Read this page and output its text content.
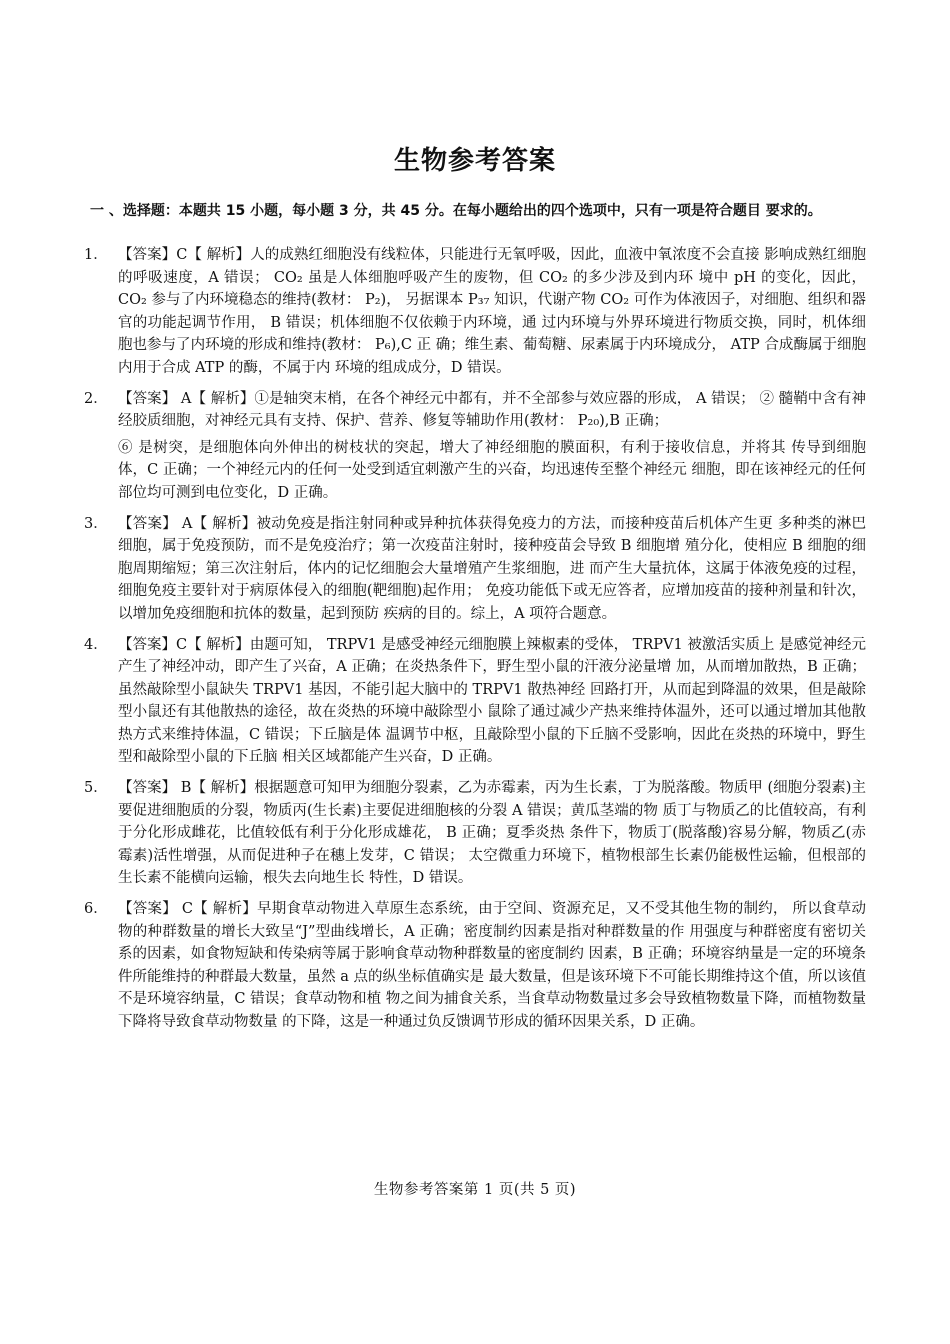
生物参考答案
一 、选择题：本题共 15 小题，每小题 3 分，共 45 分。在每小题给出的四个选项中，只有一项是符合题目 要求的。
1． 【答案】C【 解析】人的成熟红细胞没有线粒体，只能进行无氧呼吸，因此，血液中氧浓度不会直接 影响成熟红细胞的呼吸速度，A 错误； CO₂ 虽是人体细胞呼吸产生的废物，但 CO₂ 的多少涉及到内环 境中 pH 的变化，因此，CO₂ 参与了内环境稳态的维持(教材： P₂)， 另据课本 P₃₇ 知识，代谢产物 CO₂ 可作为体液因子，对细胞、组织和器官的功能起调节作用， B 错误；机体细胞不仅依赖于内环境，通 过内环境与外界环境进行物质交换，同时，机体细胞也参与了内环境的形成和维持(教材： P₆),C 正 确；维生素、葡萄糖、尿素属于内环境成分， ATP 合成酶属于细胞内用于合成 ATP 的酶，不属于内 环境的组成成分，D 错误。

2． 【答案】 A【 解析】①是轴突末梢，在各个神经元中都有，并不全部参与效应器的形成， A 错误； ② 髓鞘中含有神经胶质细胞，对神经元具有支持、保护、营养、修复等辅助作用(教材： P₂₀),B 正确；

⑥ 是树突，是细胞体向外伸出的树枝状的突起，增大了神经细胞的膜面积，有利于接收信息，并将其 传导到细胞体，C 正确；一个神经元内的任何一处受到适宜刺激产生的兴奋，均迅速传至整个神经元 细胞，即在该神经元的任何部位均可测到电位变化，D 正确。

3． 【答案】 A【 解析】被动免疫是指注射同种或异种抗体获得免疫力的方法，而接种疫苗后机体产生更 多种类的淋巴细胞，属于免疫预防，而不是免疫治疗；第一次疫苗注射时，接种疫苗会导致 B 细胞增 殖分化，使相应 B 细胞的细胞周期缩短；第三次注射后，体内的记忆细胞会大量增殖产生浆细胞，进 而产生大量抗体，这属于体液免疫的过程，细胞免疫主要针对于病原体侵入的细胞(靶细胞)起作用； 免疫功能低下或无应答者，应增加疫苗的接种剂量和针次，以增加免疫细胞和抗体的数量，起到预防 疾病的目的。综上，A 项符合题意。

4． 【答案】C【 解析】由题可知， TRPV1 是感受神经元细胞膜上辣椒素的受体， TRPV1 被激活实质上 是感觉神经元产生了神经冲动，即产生了兴奋，A 正确；在炎热条件下，野生型小鼠的汗液分泌量增 加，从而增加散热，B 正确；虽然敲除型小鼠缺失 TRPV1 基因，不能引起大脑中的 TRPV1 散热神经 回路打开，从而起到降温的效果，但是敲除型小鼠还有其他散热的途径，故在炎热的环境中敲除型小 鼠除了通过减少产热来维持体温外，还可以通过增加其他散热方式来维持体温，C 错误；下丘脑是体 温调节中枢，且敲除型小鼠的下丘脑不受影响，因此在炎热的环境中，野生型和敲除型小鼠的下丘脑 相关区域都能产生兴奋，D 正确。

5． 【答案】 B【 解析】根据题意可知甲为细胞分裂素，乙为赤霉素，丙为生长素，丁为脱落酸。物质甲 (细胞分裂素)主要促进细胞质的分裂，物质丙(生长素)主要促进细胞核的分裂 A 错误；黄瓜茎端的物 质丁与物质乙的比值较高，有利于分化形成雌花，比值较低有利于分化形成雄花， B 正确；夏季炎热 条件下，物质丁(脱落酸)容易分解，物质乙(赤霉素)活性增强，从而促进种子在穗上发芽，C 错误； 太空微重力环境下，植物根部生长素仍能极性运输，但根部的生长素不能横向运输，根失去向地生长 特性，D 错误。

6． 【答案】 C【 解析】早期食草动物进入草原生态系统，由于空间、资源充足，又不受其他生物的制约， 所以食草动物的种群数量的增长大致呈“J”型曲线增长，A 正确；密度制约因素是指对种群数量的作 用强度与种群密度有密切关系的因素，如食物短缺和传染病等属于影响食草动物种群数量的密度制约 因素，B 正确；环境容纳量是一定的环境条件所能维持的种群最大数量，虽然 a 点的纵坐标值确实是 最大数量，但是该环境下不可能长期维持这个值，所以该值不是环境容纳量，C 错误；食草动物和植 物之间为捕食关系，当食草动物数量过多会导致植物数量下降，而植物数量下降将导致食草动物数量 的下降，这是一种通过负反馈调节形成的循环因果关系，D 正确。

生物参考答案第 1 页(共 5 页)
